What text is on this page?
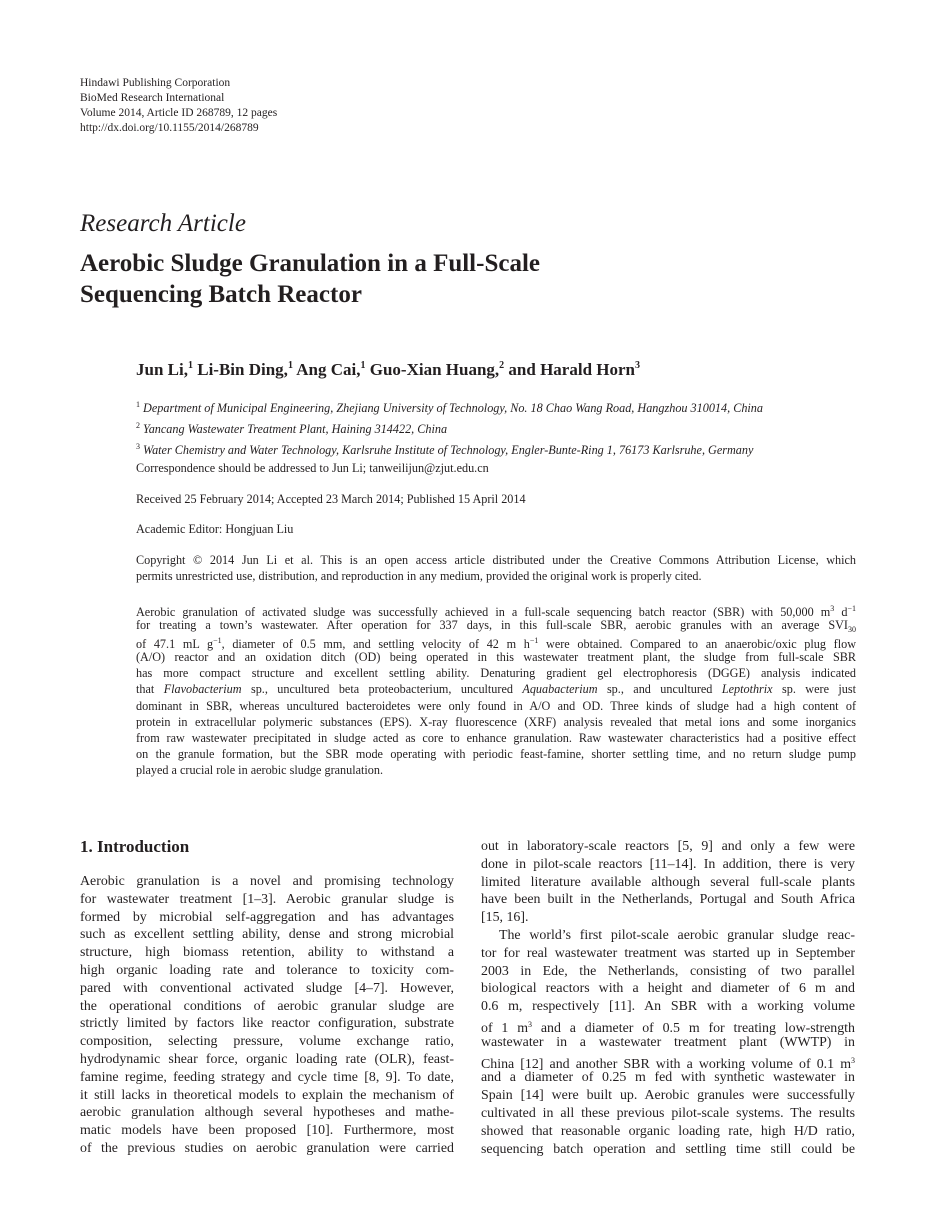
Hindawi Publishing Corporation
BioMed Research International
Volume 2014, Article ID 268789, 12 pages
http://dx.doi.org/10.1155/2014/268789
Research Article
Aerobic Sludge Granulation in a Full-Scale
Sequencing Batch Reactor
Jun Li,$^1$ Li-Bin Ding,$^1$ Ang Cai,$^1$ Guo-Xian Huang,$^2$ and Harald Horn$^3$
$^1$ Department of Municipal Engineering, Zhejiang University of Technology, No. 18 Chao Wang Road, Hangzhou 310014, China
$^2$ Yancang Wastewater Treatment Plant, Haining 314422, China
$^3$ Water Chemistry and Water Technology, Karlsruhe Institute of Technology, Engler-Bunte-Ring 1, 76173 Karlsruhe, Germany
Correspondence should be addressed to Jun Li; tanweilijun@zjut.edu.cn
Received 25 February 2014; Accepted 23 March 2014; Published 15 April 2014
Academic Editor: Hongjuan Liu
Copyright © 2014 Jun Li et al. This is an open access article distributed under the Creative Commons Attribution License, which
permits unrestricted use, distribution, and reproduction in any medium, provided the original work is properly cited.
Aerobic granulation of activated sludge was successfully achieved in a full-scale sequencing batch reactor (SBR) with 50,000 $m^3$ $d^{-1}$
for treating a town’s wastewater. After operation for 337 days, in this full-scale SBR, aerobic granules with an average $SVI_{30}$
of 47.1 mL $g^{-1}$, diameter of 0.5 mm, and settling velocity of 42 m $h^{-1}$ were obtained. Compared to an anaerobic/oxic plug flow
(A/O) reactor and an oxidation ditch (OD) being operated in this wastewater treatment plant, the sludge from full-scale SBR
has more compact structure and excellent settling ability. Denaturing gradient gel electrophoresis (DGGE) analysis indicated
that Flavobacterium sp., uncultured beta proteobacterium, uncultured Aquabacterium sp., and uncultured Leptothrix sp. were just
dominant in SBR, whereas uncultured bacteroidetes were only found in A/O and OD. Three kinds of sludge had a high content of
protein in extracellular polymeric substances (EPS). X-ray fluorescence (XRF) analysis revealed that metal ions and some inorganics
from raw wastewater precipitated in sludge acted as core to enhance granulation. Raw wastewater characteristics had a positive effect
on the granule formation, but the SBR mode operating with periodic feast-famine, shorter settling time, and no return sludge pump
played a crucial role in aerobic sludge granulation.
1. Introduction
Aerobic granulation is a novel and promising technology
for wastewater treatment [1–3]. Aerobic granular sludge is
formed by microbial self-aggregation and has advantages
such as excellent settling ability, dense and strong microbial
structure, high biomass retention, ability to withstand a
high organic loading rate and tolerance to toxicity com-
pared with conventional activated sludge [4–7]. However,
the operational conditions of aerobic granular sludge are
strictly limited by factors like reactor configuration, substrate
composition, selecting pressure, volume exchange ratio,
hydrodynamic shear force, organic loading rate (OLR), feast-
famine regime, feeding strategy and cycle time [8, 9]. To date,
it still lacks in theoretical models to explain the mechanism of
aerobic granulation although several hypotheses and mathe-
matic models have been proposed [10]. Furthermore, most
of the previous studies on aerobic granulation were carried
out in laboratory-scale reactors [5, 9] and only a few were
done in pilot-scale reactors [11–14]. In addition, there is very
limited literature available although several full-scale plants
have been built in the Netherlands, Portugal and South Africa
[15, 16].
The world’s first pilot-scale aerobic granular sludge reac-
tor for real wastewater treatment was started up in September
2003 in Ede, the Netherlands, consisting of two parallel
biological reactors with a height and diameter of 6 m and
0.6 m, respectively [11]. An SBR with a working volume
of 1 $m^3$ and a diameter of 0.5 m for treating low-strength
wastewater in a wastewater treatment plant (WWTP) in
China [12] and another SBR with a working volume of 0.1 $m^3$
and a diameter of 0.25 m fed with synthetic wastewater in
Spain [14] were built up. Aerobic granules were successfully
cultivated in all these previous pilot-scale systems. The results
showed that reasonable organic loading rate, high H/D ratio,
sequencing batch operation and settling time still could be
